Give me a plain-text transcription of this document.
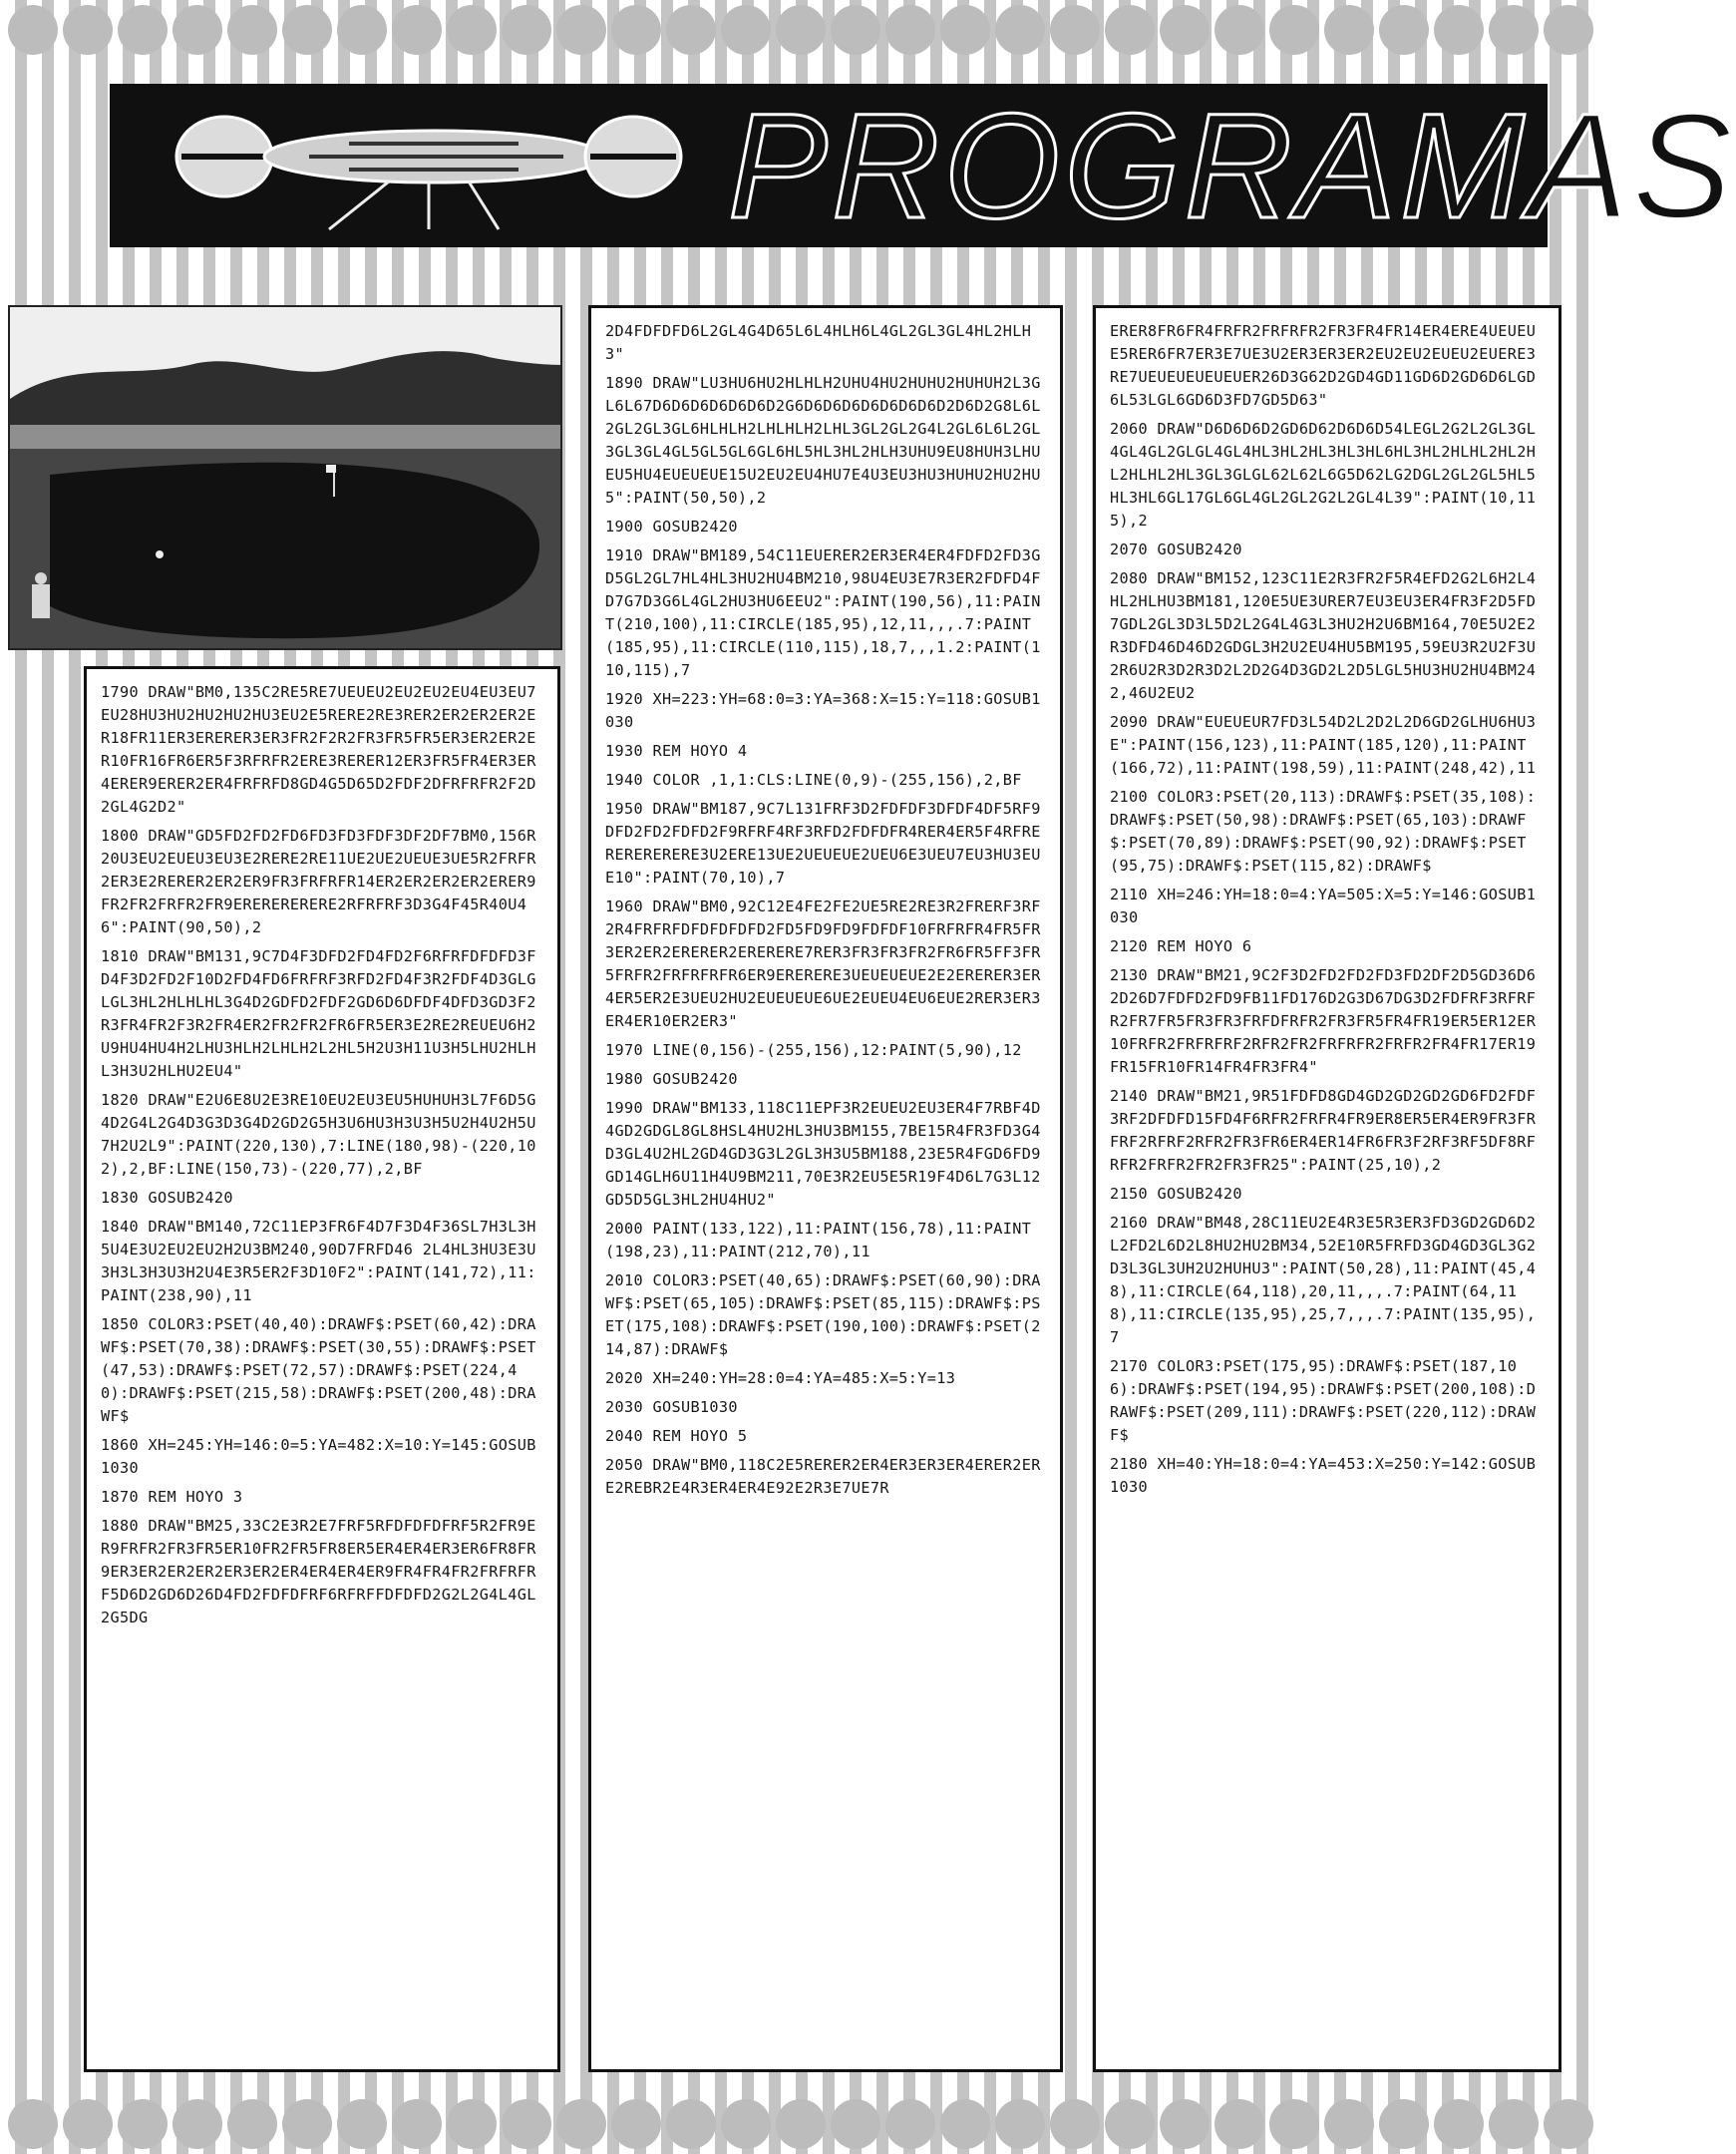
PROGRAMAS
1790 DRAW"BM0,135C2RE5RE7UEUEU2EU2EU2EU4EU3EU7EU28HU3HU2HU2HU2HU3EU2E5RERE2RE3RER2ER2ER2ER2ER18FR11ER3ERERER3ER3FR2F2R2FR3FR5FR5ER3ER2ER2ER10FR16FR6ER5F3RFRFR2ERE3RERER12ER3FR5FR4ER3ER4ERER9ERER2ER4FRFRFD8GD4G5D65D2FDF2DFRFRFR2F2D2GL4G2D2"
1800 DRAW"GD5FD2FD2FD6FD3FD3FDF3DF2DF7BM0,156R20U3EU2EUEU3EU3E2RERE2RE11UE2UE2UEUE3UE5R2FRFR2ER3E2RERER2ER2ER9FR3FRFRFR14ER2ER2ER2ER2ERER9FR2FR2FRFR2FR9ERERERERERE2RFRFRF3D3G4F45R40U46":PAINT(90,50),2
1810 DRAW"BM131,9C7D4F3DFD2FD4FD2F6RFRFDFDFD3FD4F3D2FD2F10D2FD4FD6FRFRF3RFD2FD4F3R2FDF4D3GLGLGL3HL2HLHLHL3G4D2GDFD2FDF2GD6D6DFDF4DFD3GD3F2R3FR4FR2F3R2FR4ER2FR2FR2FR6FR5ER3E2RE2REUEU6H2U9HU4HU4H2LHU3HLH2LHLH2L2HL5H2U3H11U3H5LHU2HLHL3H3U2HLHU2EU4"
1820 DRAW"E2U6E8U2E3RE10EU2EU3EU5HUHUH3L7F6D5G4D2G4L2G4D3G3D3G4D2GD2G5H3U6HU3H3U3H5U2H4U2H5U7H2U2L9":PAINT(220,130),7:LINE(180,98)-(220,102),2,BF:LINE(150,73)-(220,77),2,BF
1830 GOSUB2420
1840 DRAW"BM140,72C11EP3FR6F4D7F3D4F36SL7H3L3H5U4E3U2EU2EU2H2U3BM240,90D7FRFD46 2L4HL3HU3E3U3H3L3H3U3H2U4E3R5ER2F3D10F2":PAINT(141,72),11:PAINT(238,90),11
1850 COLOR3:PSET(40,40):DRAWF$:PSET(60,42):DRAWF$:PSET(70,38):DRAWF$:PSET(30,55):DRAWF$:PSET(47,53):DRAWF$:PSET(72,57):DRAWF$:PSET(224,40):DRAWF$:PSET(215,58):DRAWF$:PSET(200,48):DRAWF$
1860 XH=245:YH=146:0=5:YA=482:X=10:Y=145:GOSUB1030
1870 REM HOYO 3
1880 DRAW"BM25,33C2E3R2E7FRF5RFDFDFDFRF5R2FR9ER9FRFR2FR3FR5ER10FR2FR5FR8ER5ER4ER4ER3ER6FR8FR9ER3ER2ER2ER2ER3ER2ER4ER4ER4ER9FR4FR4FR2FRFRFRF5D6D2GD6D26D4FD2FDFDFRF6RFRFFDFDFD2G2L2G4L4GL2G5DG
2D4FDFDFD6L2GL4G4D65L6L4HLH6L4GL2GL3GL4HL2HLH3"
1890 DRAW"LU3HU6HU2HLHLH2UHU4HU2HUHU2HUHUH2L3GL6L67D6D6D6D6D6D6D2G6D6D6D6D6D6D6D6D2D6D2G8L6L2GL2GL3GL6HLHLH2LHLHLH2LHL3GL2GL2G4L2GL6L6L2GL3GL3GL4GL5GL5GL6GL6HL5HL3HL2HLH3UHU9EU8HUH3LHUEU5HU4EUEUEUE15U2EU2EU4HU7E4U3EU3HU3HUHU2HU2HU5":PAINT(50,50),2
1900 GOSUB2420
1910 DRAW"BM189,54C11EUERER2ER3ER4ER4FDFD2FD3GD5GL2GL7HL4HL3HU2HU4BM210,98U4EU3E7R3ER2FDFD4FD7G7D3G6L4GL2HU3HU6EEU2":PAINT(190,56),11:PAINT(210,100),11:CIRCLE(185,95),12,11,,,.7:PAINT(185,95),11:CIRCLE(110,115),18,7,,,1.2:PAINT(110,115),7
1920 XH=223:YH=68:0=3:YA=368:X=15:Y=118:GOSUB1030
1930 REM HOYO 4
1940 COLOR ,1,1:CLS:LINE(0,9)-(255,156),2,BF
1950 DRAW"BM187,9C7L131FRF3D2FDFDF3DFDF4DF5RF9DFD2FD2FDFD2F9RFRF4RF3RFD2FDFDFR4RER4ER5F4RFRERERERERERE3U2ERE13UE2UEUEUE2UEU6E3UEU7EU3HU3EUE10":PAINT(70,10),7
1960 DRAW"BM0,92C12E4FE2FE2UE5RE2RE3R2FRERF3RF2R4FRFRFDFDFDFDFD2FD5FD9FD9FDFDF10FRFRFR4FR5FR3ER2ER2ERERER2ERERERE7RER3FR3FR3FR2FR6FR5FF3FR5FRFR2FRFRFRFR6ER9ERERERE3UEUEUEUE2E2ERERER3ER4ER5ER2E3UEU2HU2EUEUEUE6UE2EUEU4EU6EUE2RER3ER3ER4ER10ER2ER3"
1970 LINE(0,156)-(255,156),12:PAINT(5,90),12
1980 GOSUB2420
1990 DRAW"BM133,118C11EPF3R2EUEU2EU3ER4F7RBF4D4GD2GDGL8GL8HSL4HU2HL3HU3BM155,7BE15R4FR3FD3G4D3GL4U2HL2GD4GD3G3L2GL3H3U5BM188,23E5R4FGD6FD9GD14GLH6U11H4U9BM211,70E3R2EU5E5R19F4D6L7G3L12GD5D5GL3HL2HU4HU2"
2000 PAINT(133,122),11:PAINT(156,78),11:PAINT(198,23),11:PAINT(212,70),11
2010 COLOR3:PSET(40,65):DRAWF$:PSET(60,90):DRAWF$:PSET(65,105):DRAWF$:PSET(85,115):DRAWF$:PSET(175,108):DRAWF$:PSET(190,100):DRAWF$:PSET(214,87):DRAWF$
2020 XH=240:YH=28:0=4:YA=485:X=5:Y=13
2030 GOSUB1030
2040 REM HOYO 5
2050 DRAW"BM0,118C2E5RERER2ER4ER3ER3ER4ERER2ERE2REBR2E4R3ER4ER4E92E2R3E7UE7R
ERER8FR6FR4FRFR2FRFRFR2FR3FR4FR14ER4ERE4UEUEUE5RER6FR7ER3E7UE3U2ER3ER3ER2EU2EU2EUEU2EUERE3RE7UEUEUEUEUEUER26D3G62D2GD4GD11GD6D2GD6D6LGD6L53LGL6GD6D3FD7GD5D63"
2060 DRAW"D6D6D6D2GD6D62D6D6D54LEGL2G2L2GL3GL4GL4GL2GLGL4GL4HL3HL2HL3HL3HL6HL3HL2HLHL2HL2HL2HLHL2HL3GL3GLGL62L62L6G5D62LG2DGL2GL2GL5HL5HL3HL6GL17GL6GL4GL2GL2G2L2GL4L39":PAINT(10,115),2
2070 GOSUB2420
2080 DRAW"BM152,123C11E2R3FR2F5R4EFD2G2L6H2L4HL2HLHU3BM181,120E5UE3URER7EU3EU3ER4FR3F2D5FD7GDL2GL3D3L5D2L2G4L4G3L3HU2H2U6BM164,70E5U2E2R3DFD46D46D2GDGL3H2U2EU4HU5BM195,59EU3R2U2F3U2R6U2R3D2R3D2L2D2G4D3GD2L2D5LGL5HU3HU2HU4BM242,46U2EU2
2090 DRAW"EUEUEUR7FD3L54D2L2D2L2D6GD2GLHU6HU3E":PAINT(156,123),11:PAINT(185,120),11:PAINT(166,72),11:PAINT(198,59),11:PAINT(248,42),11
2100 COLOR3:PSET(20,113):DRAWF$:PSET(35,108):DRAWF$:PSET(50,98):DRAWF$:PSET(65,103):DRAWF$:PSET(70,89):DRAWF$:PSET(90,92):DRAWF$:PSET(95,75):DRAWF$:PSET(115,82):DRAWF$
2110 XH=246:YH=18:0=4:YA=505:X=5:Y=146:GOSUB1030
2120 REM HOYO 6
2130 DRAW"BM21,9C2F3D2FD2FD2FD3FD2DF2D5GD36D62D26D7FDFD2FD9FB11FD176D2G3D67DG3D2FDFRF3RFRFR2FR7FR5FR3FR3FRFDFRFR2FR3FR5FR4FR19ER5ER12ER10FRFR2FRFRFRF2RFR2FR2FRFRFR2FRFR2FR4FR17ER19FR15FR10FR14FR4FR3FR4"
2140 DRAW"BM21,9R51FDFD8GD4GD2GD2GD2GD6FD2FDF3RF2DFDFD15FD4F6RFR2FRFR4FR9ER8ER5ER4ER9FR3FRFRF2RFRF2RFR2FR3FR6ER4ER14FR6FR3F2RF3RF5DF8RFRFR2FRFR2FR2FR3FR25":PAINT(25,10),2
2150 GOSUB2420
2160 DRAW"BM48,28C11EU2E4R3E5R3ER3FD3GD2GD6D2L2FD2L6D2L8HU2HU2BM34,52E10R5FRFD3GD4GD3GL3G2D3L3GL3UH2U2HUHU3":PAINT(50,28),11:PAINT(45,48),11:CIRCLE(64,118),20,11,,,.7:PAINT(64,118),11:CIRCLE(135,95),25,7,,,.7:PAINT(135,95),7
2170 COLOR3:PSET(175,95):DRAWF$:PSET(187,106):DRAWF$:PSET(194,95):DRAWF$:PSET(200,108):DRAWF$:PSET(209,111):DRAWF$:PSET(220,112):DRAWF$
2180 XH=40:YH=18:0=4:YA=453:X=250:Y=142:GOSUB1030
